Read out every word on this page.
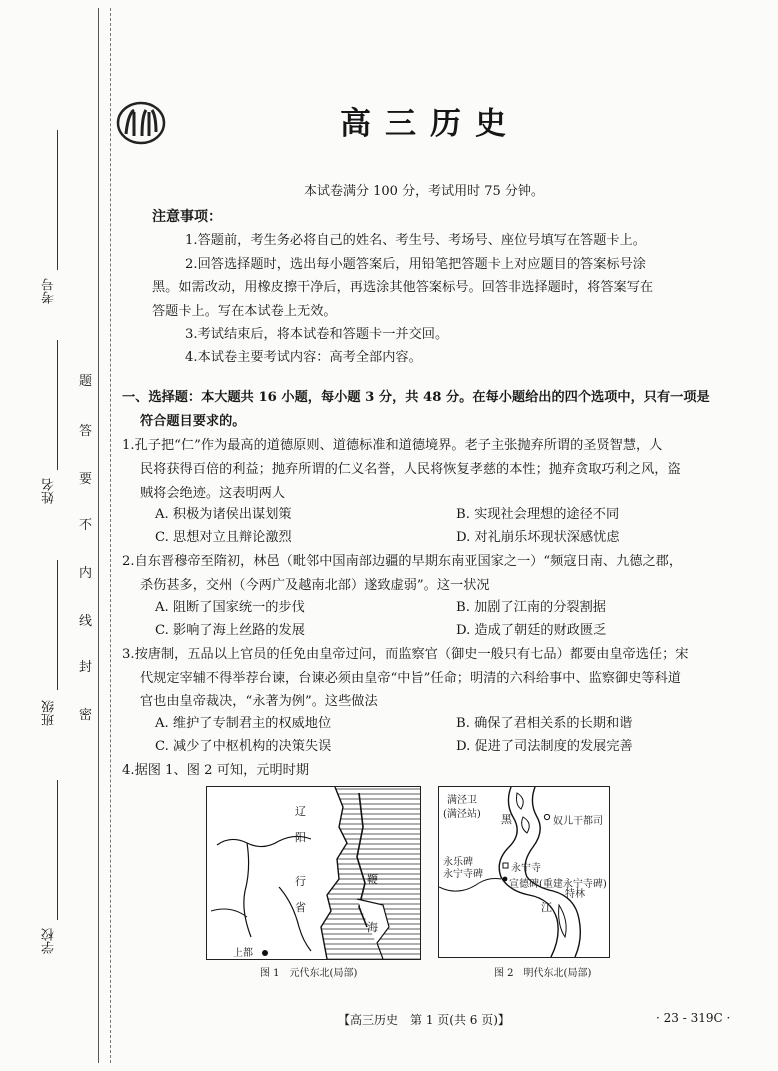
考号
姓名
班级
学校
题
答
要
不
内
线
封
密
高三历史
本试卷满分 100 分，考试用时 75 分钟。
注意事项：
1.答题前，考生务必将自己的姓名、考生号、考场号、座位号填写在答题卡上。
2.回答选择题时，选出每小题答案后，用铅笔把答题卡上对应题目的答案标号涂
黑。如需改动，用橡皮擦干净后，再选涂其他答案标号。回答非选择题时，将答案写在
答题卡上。写在本试卷上无效。
3.考试结束后，将本试卷和答题卡一并交回。
4.本试卷主要考试内容：高考全部内容。
一、选择题：本大题共 16 小题，每小题 3 分，共 48 分。在每小题给出的四个选项中，只有一项是
符合题目要求的。
1.孔子把“仁”作为最高的道德原则、道德标准和道德境界。老子主张抛弃所谓的圣贤智慧，人
民将获得百倍的利益；抛弃所谓的仁义名誉，人民将恢复孝慈的本性；抛弃贪取巧利之风，盗
贼将会绝迹。这表明两人
A. 积极为诸侯出谋划策	B. 实现社会理想的途径不同
C. 思想对立且辩论激烈	D. 对礼崩乐坏现状深感忧虑
2.自东晋穆帝至隋初，林邑（毗邻中国南部边疆的早期东南亚国家之一）“频寇日南、九德之郡，
杀伤甚多，交州（今两广及越南北部）遂致虚弱”。这一状况
A. 阻断了国家统一的步伐	B. 加剧了江南的分裂割据
C. 影响了海上丝路的发展	D. 造成了朝廷的财政匮乏
3.按唐制，五品以上官员的任免由皇帝过问，而监察官（御史一般只有七品）都要由皇帝选任；宋
代规定宰辅不得举荐台谏，台谏必须由皇帝“中旨”任命；明清的六科给事中、监察御史等科道
官也由皇帝裁决，“永著为例”。这些做法
A. 维护了专制君主的权威地位	B. 确保了君相关系的长期和谐
C. 减少了中枢机构的决策失误	D. 促进了司法制度的发展完善
4.据图 1、图 2 可知，元明时期
辽
阳
行
省
上都
鞭
海
图 1　元代东北(局部)
满泾卫
(满泾站) 黑	奴儿干都司
永乐碑
永宁寺碑
永宁寺
宣德碑(重建永宁寺碑)
特林
江
图 2　明代东北(局部)
【高三历史　第 1 页(共 6 页)】	· 23 - 319C ·
